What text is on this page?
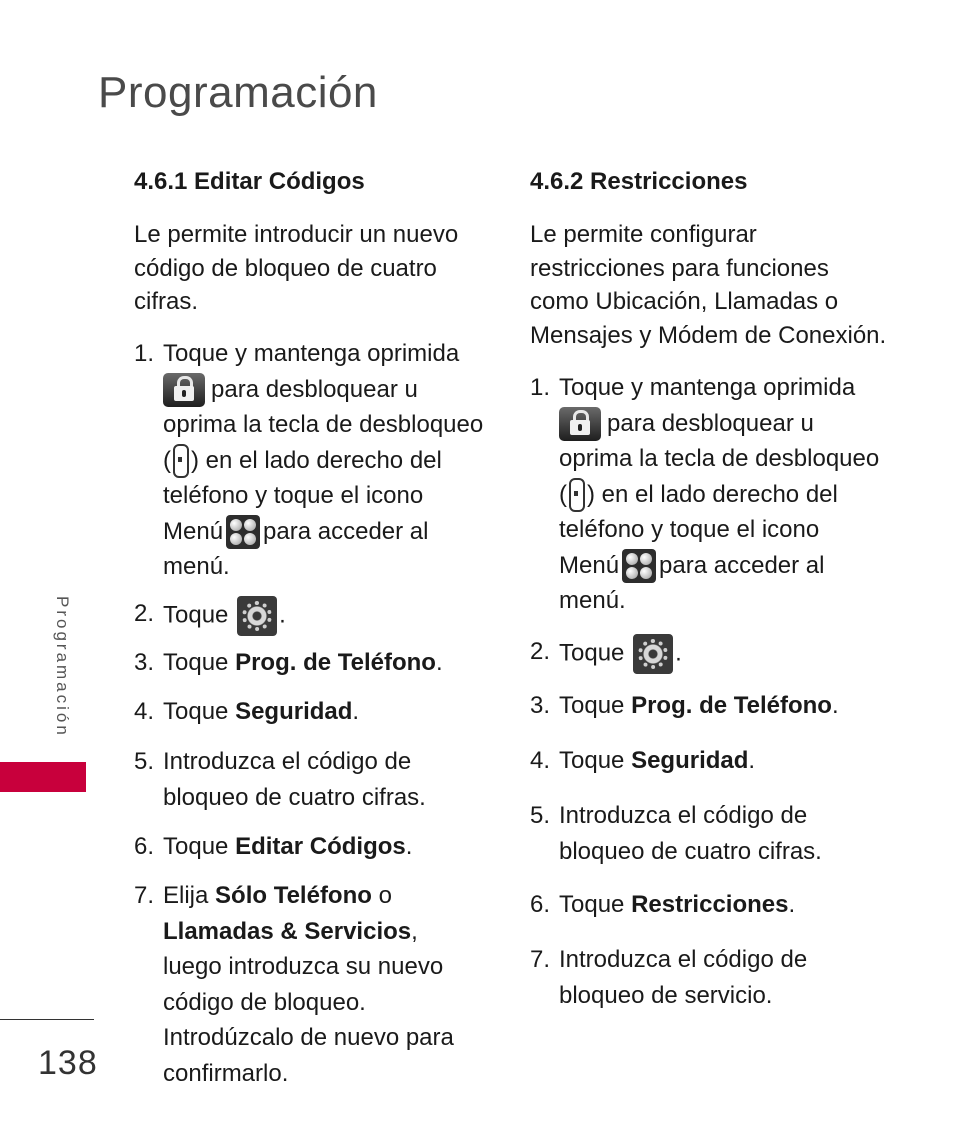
Programación
4.6.1 Editar Códigos
Le permite introducir un nuevo código de bloqueo de cuatro cifras.
1. Toque y mantenga oprimida

para desbloquear u oprima la tecla de desbloqueo ( ) en el lado derecho del teléfono y toque el icono Menú para acceder al menú.
2. Toque .
3. Toque Prog. de Teléfono.
4. Toque Seguridad.
5. Introduzca el código de bloqueo de cuatro cifras.
6. Toque Editar Códigos.
7. Elija Sólo Teléfono o
Llamadas & Servicios, luego introduzca su nuevo código de bloqueo. Introdúzcalo de nuevo para confirmarlo.
4.6.2 Restricciones
Le permite configurar restricciones para funciones como Ubicación, Llamadas o Mensajes y Módem de Conexión.
1. Toque y mantenga oprimida

para desbloquear u oprima la tecla de desbloqueo ( ) en el lado derecho del teléfono y toque el icono Menú para acceder al menú.
2. Toque .
3. Toque Prog. de Teléfono.
4. Toque Seguridad.
5. Introduzca el código de bloqueo de cuatro cifras.
6. Toque Restricciones.
7. Introduzca el código de bloqueo de servicio.
Programación
138
